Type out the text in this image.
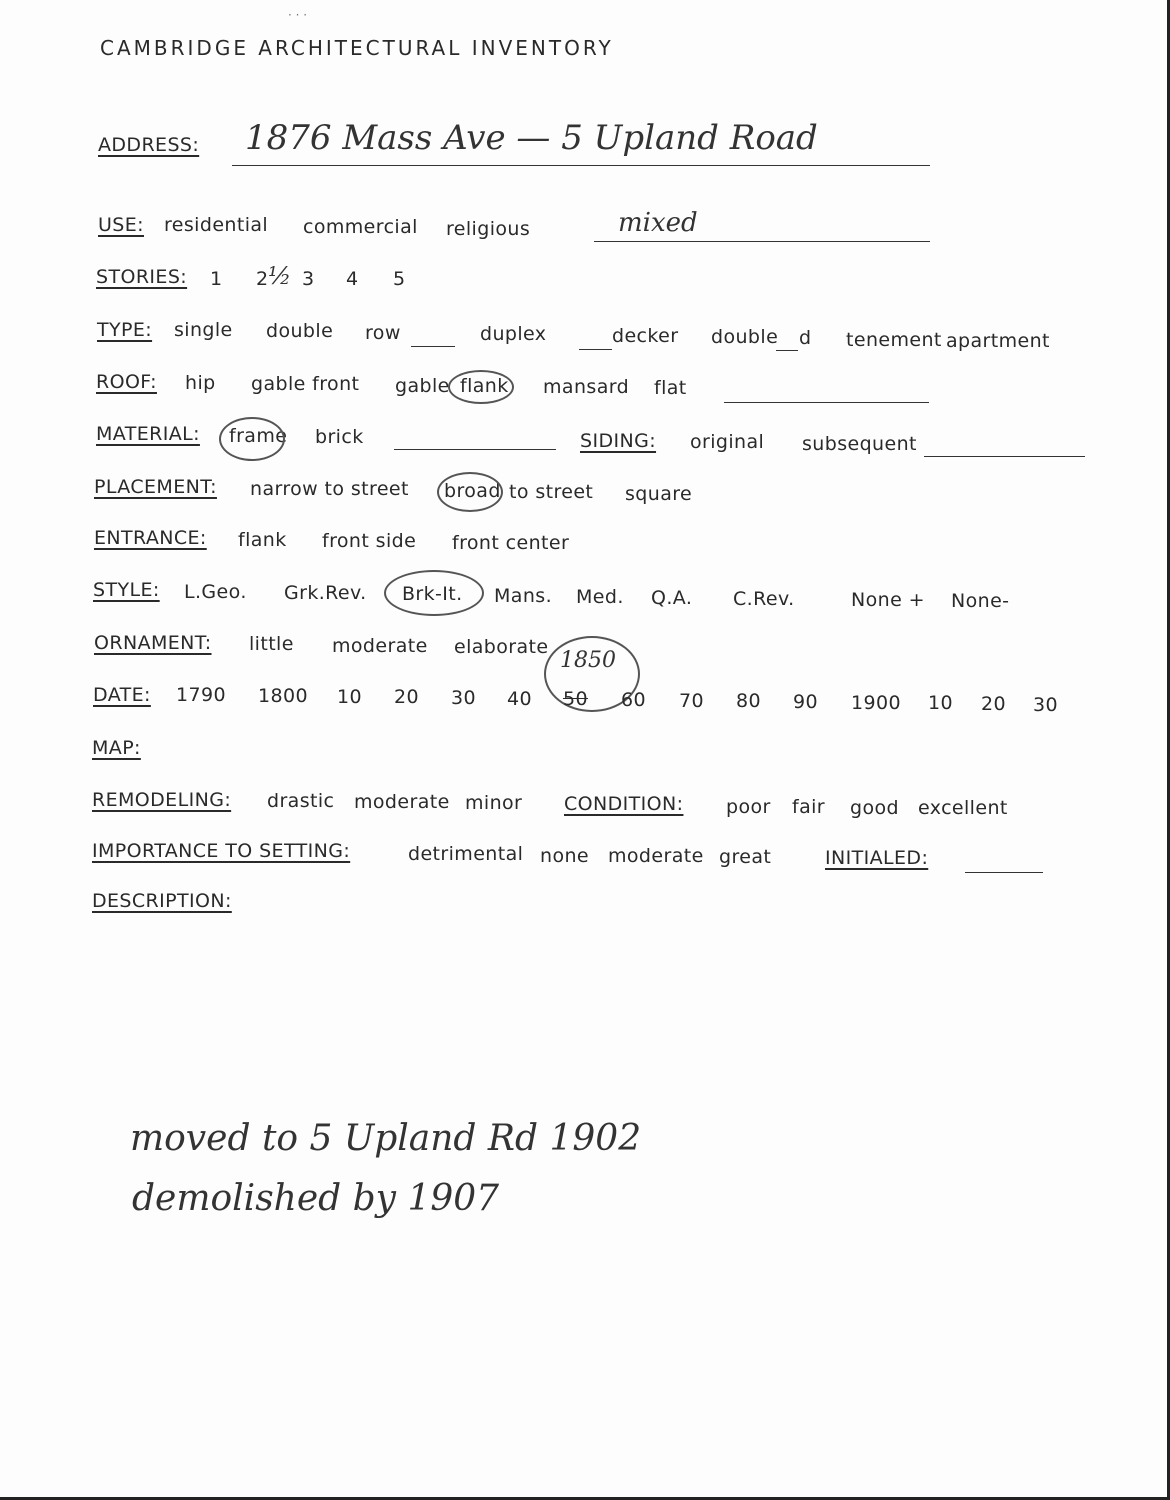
· · ·
CAMBRIDGE ARCHITECTURAL INVENTORY
ADDRESS: 1876 Mass Ave — 5 Upland Road
USE: residential commercial religious	mixed
STORIES: 1 2 ½ 3 4 5
TYPE: single double row	duplex	decker double d tenement apartment
ROOF: hip gable front gable flank mansard flat
MATERIAL: frame brick	SIDING: original subsequent
PLACEMENT: narrow to street broad to street square
ENTRANCE: flank front side front center
STYLE: L.Geo. Grk.Rev. Brk-It. Mans. Med. Q.A. C.Rev.	None + None-
ORNAMENT: little moderate elaborate
1850
DATE: 1790 1800 10 20 30 40 50 60 70 80 90 1900 10 20 30
MAP:
REMODELING: drastic moderate minor CONDITION: poor fair good excellent
IMPORTANCE TO SETTING:	detrimental none moderate great	INITIALED:
DESCRIPTION:
moved to 5 Upland Rd 1902
demolished by 1907
